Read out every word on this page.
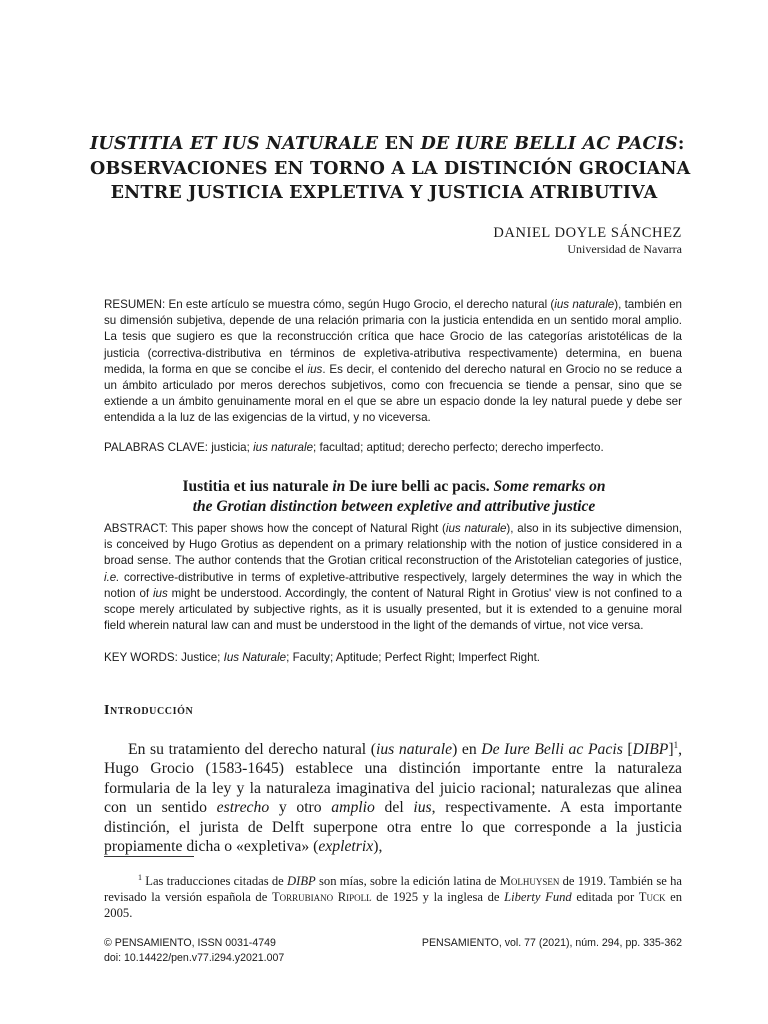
IUSTITIA ET IUS NATURALE EN DE IURE BELLI AC PACIS:
OBSERVACIONES EN TORNO A LA DISTINCIÓN GROCIANA
ENTRE JUSTICIA EXPLETIVA Y JUSTICIA ATRIBUTIVA
DANIEL DOYLE SÁNCHEZ
Universidad de Navarra

RESUMEN: En este artículo se muestra cómo, según Hugo Grocio, el derecho natural (ius naturale), también en su dimensión subjetiva, depende de una relación primaria con la justicia entendida en un sentido moral amplio. La tesis que sugiero es que la reconstrucción crítica que hace Grocio de las categorías aristotélicas de la justicia (correctiva-distributiva en términos de expletiva-atributiva respectivamente) determina, en buena medida, la forma en que se concibe el ius. Es decir, el contenido del derecho natural en Grocio no se reduce a un ámbito articulado por meros derechos subjetivos, como con frecuencia se tiende a pensar, sino que se extiende a un ámbito genuinamente moral en el que se abre un espacio donde la ley natural puede y debe ser entendida a la luz de las exigencias de la virtud, y no viceversa.

PALABRAS CLAVE: justicia; ius naturale; facultad; aptitud; derecho perfecto; derecho imperfecto.

Iustitia et ius naturale in De iure belli ac pacis. Some remarks on
the Grotian distinction between expletive and attributive justice

ABSTRACT: This paper shows how the concept of Natural Right (ius naturale), also in its subjective dimension, is conceived by Hugo Grotius as dependent on a primary relationship with the notion of justice considered in a broad sense. The author contends that the Grotian critical reconstruction of the Aristotelian categories of justice, i.e. corrective-distributive in terms of expletive-attributive respectively, largely determines the way in which the notion of ius might be understood. Accordingly, the content of Natural Right in Grotius' view is not confined to a scope merely articulated by subjective rights, as it is usually presented, but it is extended to a genuine moral field wherein natural law can and must be understood in the light of the demands of virtue, not vice versa.

KEY WORDS: Justice; Ius Naturale; Faculty; Aptitude; Perfect Right; Imperfect Right.

Introducción

En su tratamiento del derecho natural (ius naturale) en De Iure Belli ac Pacis [DIBP]$^1$, Hugo Grocio (1583-1645) establece una distinción importante entre la naturaleza formularia de la ley y la naturaleza imaginativa del juicio racional; naturalezas que alinea con un sentido estrecho y otro amplio del ius, respectivamente. A esta importante distinción, el jurista de Delft superpone otra entre lo que corresponde a la justicia propiamente dicha o «expletiva» (expletrix),

$^1$ Las traducciones citadas de DIBP son mías, sobre la edición latina de Molhuysen de 1919. También se ha revisado la versión española de Torrubiano Ripoll de 1925 y la inglesa de Liberty Fund editada por Tuck en 2005.

© PENSAMIENTO, ISSN 0031-4749
doi: 10.14422/pen.v77.i294.y2021.007
PENSAMIENTO, vol. 77 (2021), núm. 294, pp. 335-362
